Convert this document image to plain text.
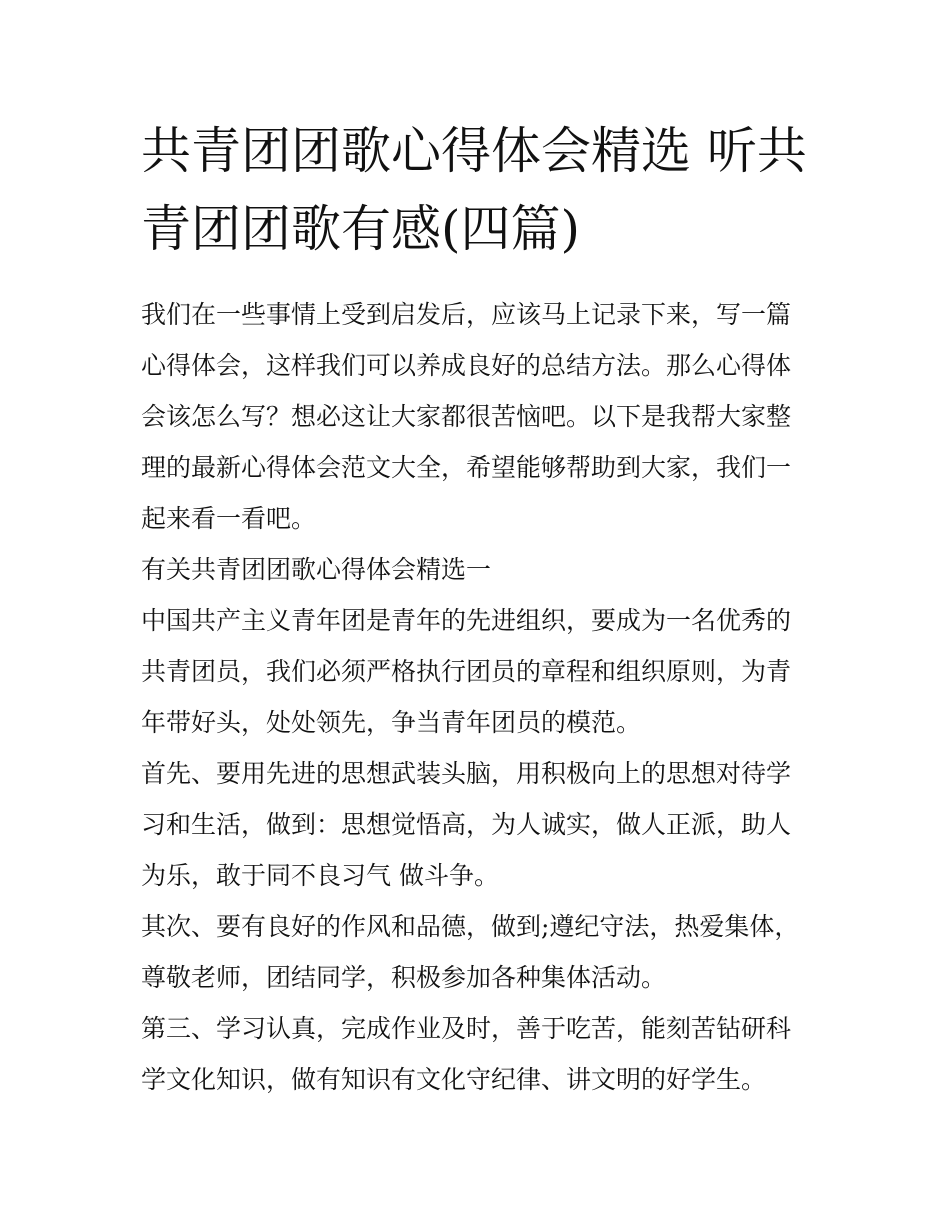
共青团团歌心得体会精选 听共青团团歌有感(四篇)

我们在一些事情上受到启发后，应该马上记录下来，写一篇心得体会，这样我们可以养成良好的总结方法。那么心得体会该怎么写？想必这让大家都很苦恼吧。以下是我帮大家整理的最新心得体会范文大全，希望能够帮助到大家，我们一起来看一看吧。

有关共青团团歌心得体会精选一

中国共产主义青年团是青年的先进组织，要成为一名优秀的共青团员，我们必须严格执行团员的章程和组织原则，为青年带好头，处处领先，争当青年团员的模范。

首先、要用先进的思想武装头脑，用积极向上的思想对待学习和生活，做到：思想觉悟高，为人诚实，做人正派，助人为乐，敢于同不良习气 做斗争。

其次、要有良好的作风和品德，做到;遵纪守法，热爱集体，尊敬老师，团结同学，积极参加各种集体活动。

第三、学习认真，完成作业及时，善于吃苦，能刻苦钻研科学文化知识，做有知识有文化守纪律、讲文明的好学生。
